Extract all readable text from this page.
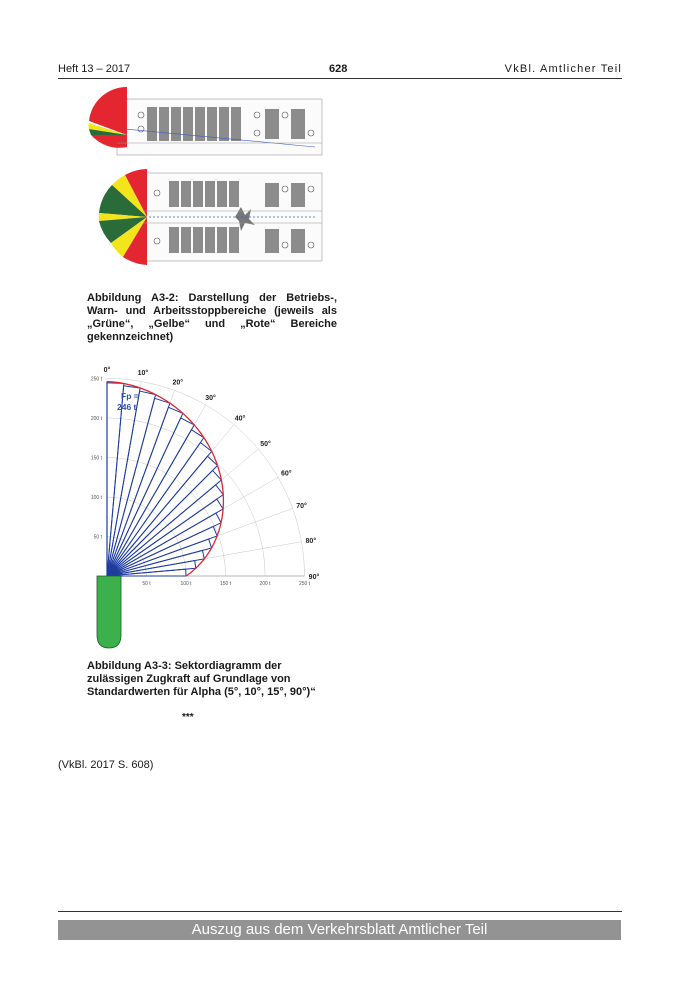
Heft 13 – 2017	628	VkBl. Amtlicher Teil
Abbildung A3-2: Darstellung der Betriebs-, Warn- und Arbeitsstoppbereiche (jeweils als „Grüne“, „Gelbe“ und „Rote“ Bereiche gekennzeichnet)
250 t
200 t
150 t
100 t
50 t
50 t	100 t	150 t	200 t	250 t
0°	10°
20°
30°
40°
50°
60°
70°
80°
90°
Fp =
246 t
Abbildung A3-3: Sektordiagramm der zulässigen Zugkraft auf Grundlage von Standardwerten für Alpha (5°, 10°, 15°, 90°)“
***
(VkBl. 2017 S. 608)
Auszug aus dem Verkehrsblatt Amtlicher Teil
